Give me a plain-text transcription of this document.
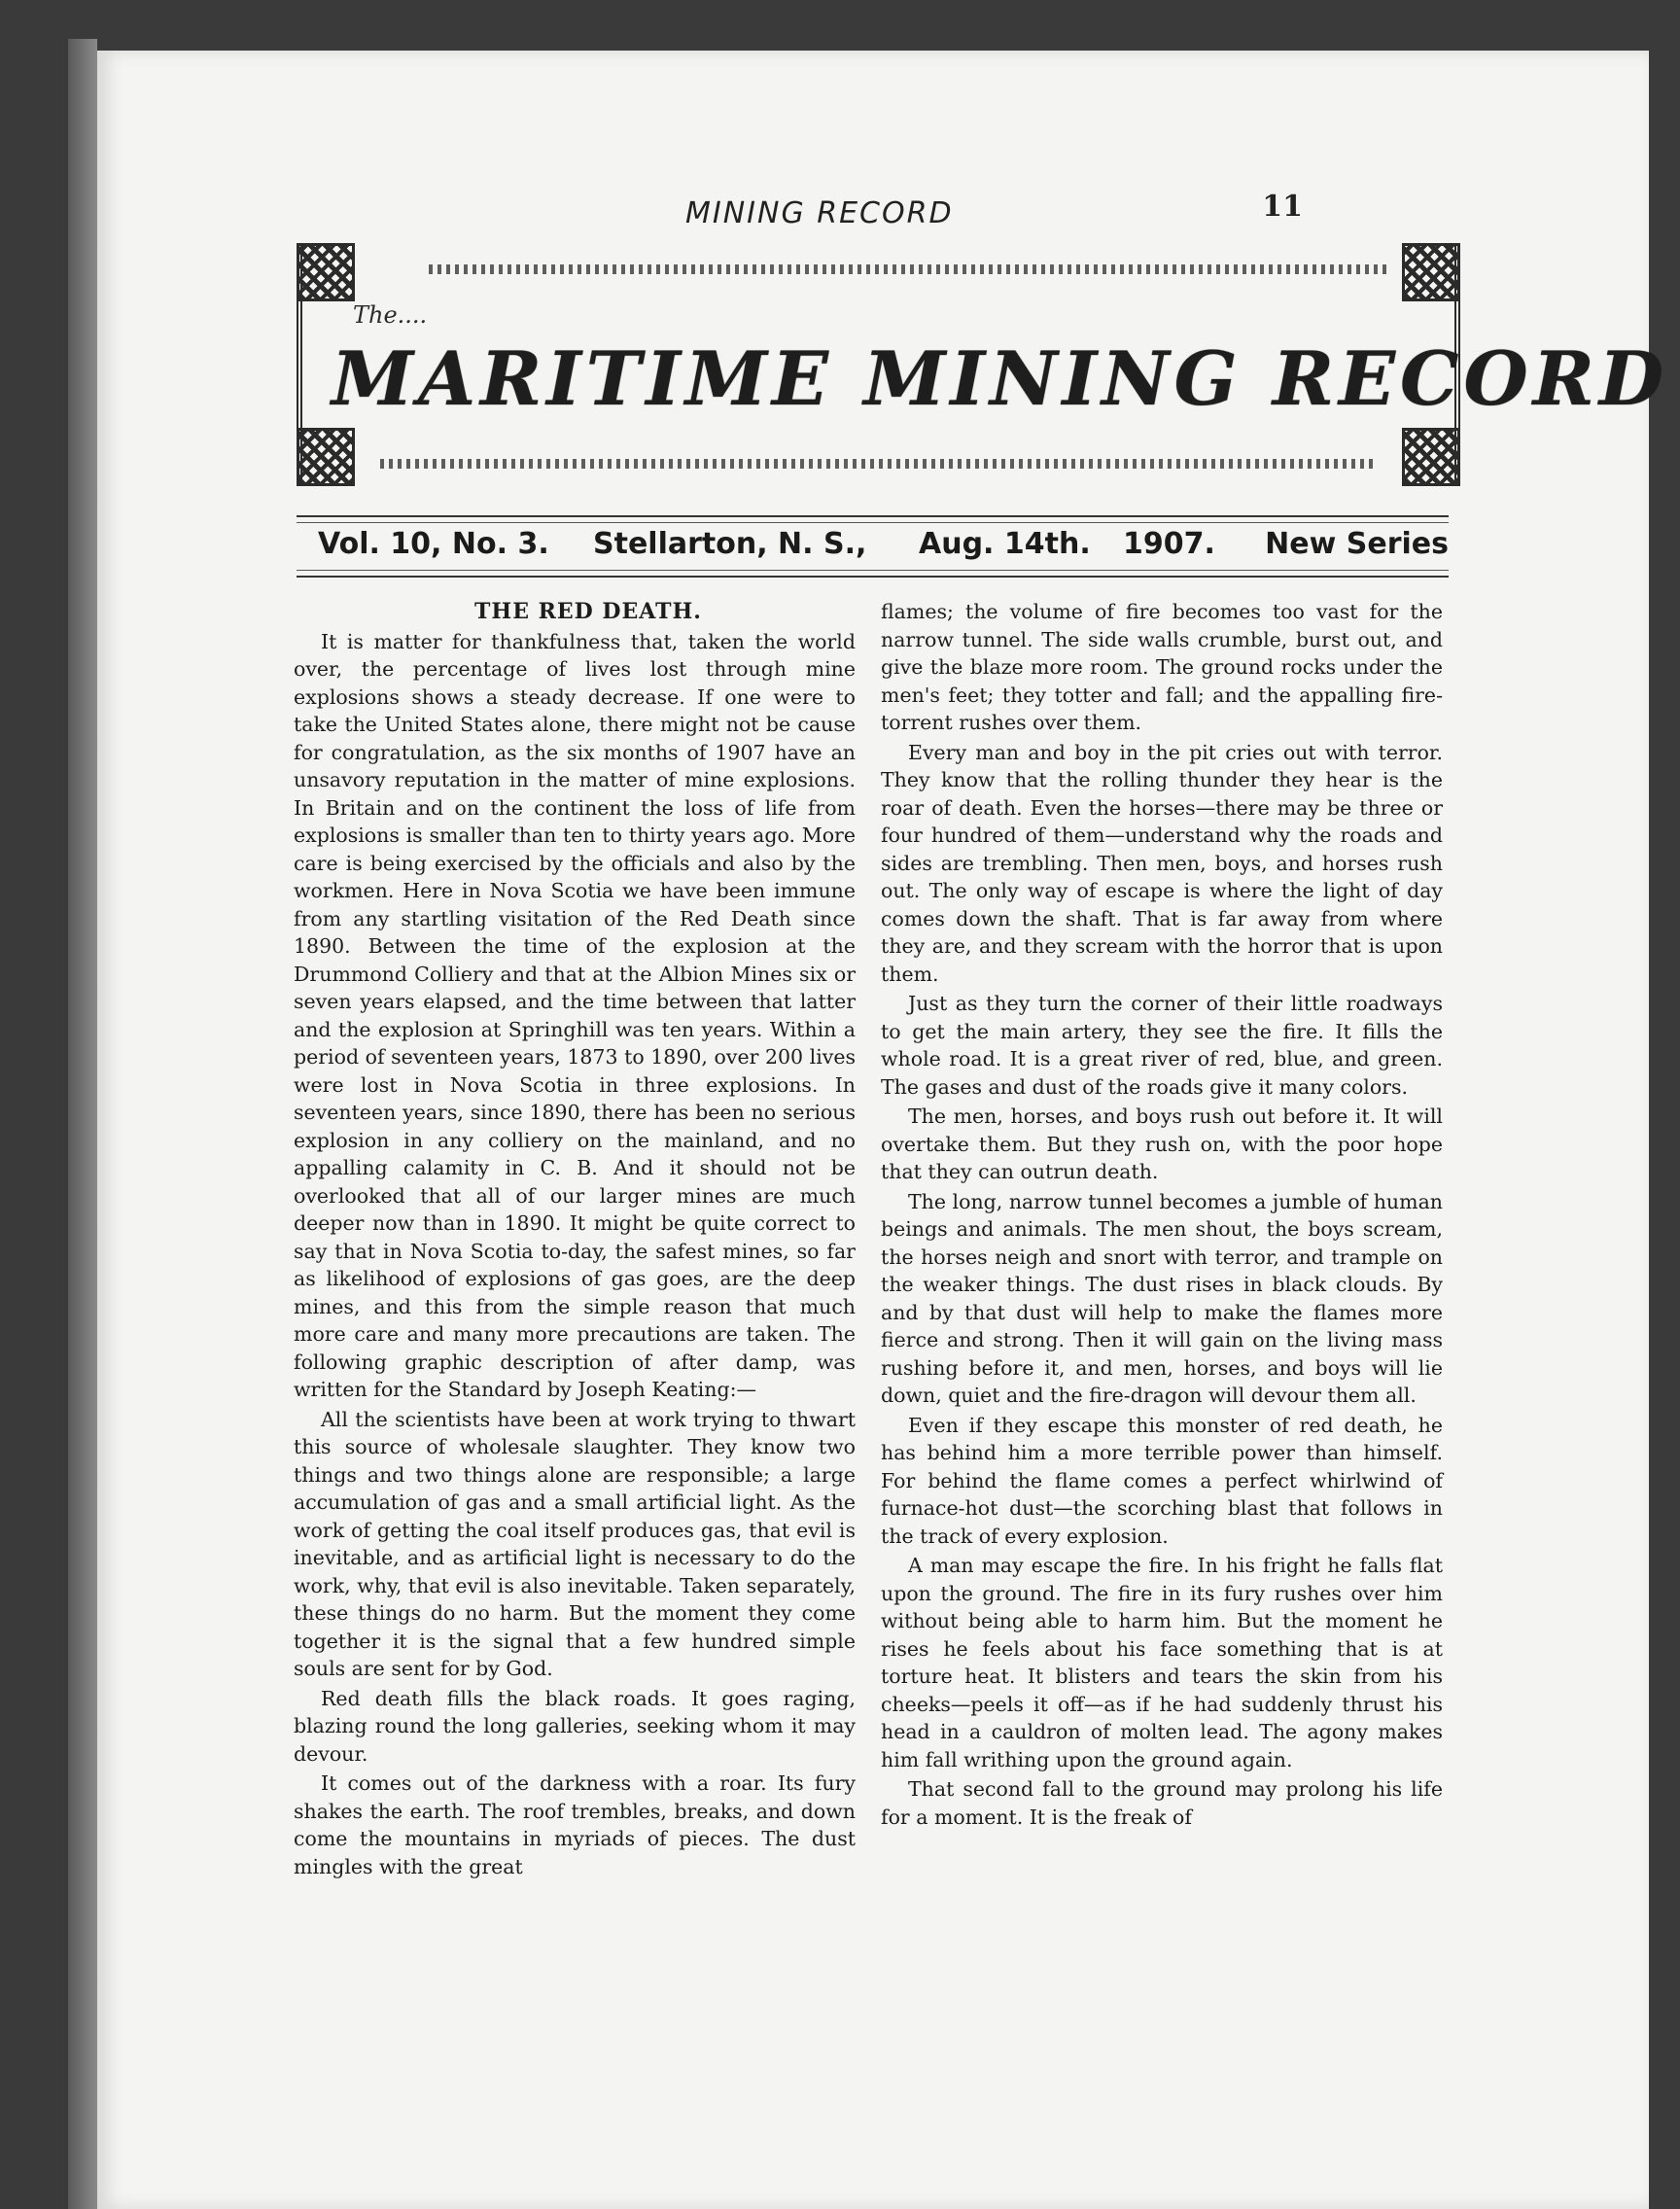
MINING RECORD	11
The....
MARITIME MINING RECORD
Vol. 10, No. 3. Stellarton, N. S., Aug. 14th. 1907. New Series

THE RED DEATH.

It is matter for thankfulness that, taken the world over, the percentage of lives lost through mine explosions shows a steady decrease. If one were to take the United States alone, there might not be cause for congratulation, as the six months of 1907 have an unsavory reputation in the matter of mine explosions. In Britain and on the continent the loss of life from explosions is smaller than ten to thirty years ago. More care is being exercised by the officials and also by the workmen. Here in Nova Scotia we have been immune from any startling visitation of the Red Death since 1890. Between the time of the explosion at the Drummond Colliery and that at the Albion Mines six or seven years elapsed, and the time between that latter and the explosion at Springhill was ten years. Within a period of seventeen years, 1873 to 1890, over 200 lives were lost in Nova Scotia in three explosions. In seventeen years, since 1890, there has been no serious explosion in any colliery on the mainland, and no appalling calamity in C. B. And it should not be overlooked that all of our larger mines are much deeper now than in 1890. It might be quite correct to say that in Nova Scotia to-day, the safest mines, so far as likelihood of explosions of gas goes, are the deep mines, and this from the simple reason that much more care and many more precautions are taken. The following graphic description of after damp, was written for the Standard by Joseph Keating:—

All the scientists have been at work trying to thwart this source of wholesale slaughter. They know two things and two things alone are responsible; a large accumulation of gas and a small artificial light. As the work of getting the coal itself produces gas, that evil is inevitable, and as artificial light is necessary to do the work, why, that evil is also inevitable. Taken separately, these things do no harm. But the moment they come together it is the signal that a few hundred simple souls are sent for by God.

Red death fills the black roads. It goes raging, blazing round the long galleries, seeking whom it may devour.

It comes out of the darkness with a roar. Its fury shakes the earth. The roof trembles, breaks, and down come the mountains in myriads of pieces. The dust mingles with the great

flames; the volume of fire becomes too vast for the narrow tunnel. The side walls crumble, burst out, and give the blaze more room. The ground rocks under the men's feet; they totter and fall; and the appalling fire-torrent rushes over them.

Every man and boy in the pit cries out with terror. They know that the rolling thunder they hear is the roar of death. Even the horses—there may be three or four hundred of them—understand why the roads and sides are trembling. Then men, boys, and horses rush out. The only way of escape is where the light of day comes down the shaft. That is far away from where they are, and they scream with the horror that is upon them.

Just as they turn the corner of their little roadways to get the main artery, they see the fire. It fills the whole road. It is a great river of red, blue, and green. The gases and dust of the roads give it many colors.

The men, horses, and boys rush out before it. It will overtake them. But they rush on, with the poor hope that they can outrun death.

The long, narrow tunnel becomes a jumble of human beings and animals. The men shout, the boys scream, the horses neigh and snort with terror, and trample on the weaker things. The dust rises in black clouds. By and by that dust will help to make the flames more fierce and strong. Then it will gain on the living mass rushing before it, and men, horses, and boys will lie down, quiet and the fire-dragon will devour them all.

Even if they escape this monster of red death, he has behind him a more terrible power than himself. For behind the flame comes a perfect whirlwind of furnace-hot dust—the scorching blast that follows in the track of every explosion.

A man may escape the fire. In his fright he falls flat upon the ground. The fire in its fury rushes over him without being able to harm him. But the moment he rises he feels about his face something that is at torture heat. It blisters and tears the skin from his cheeks—peels it off—as if he had suddenly thrust his head in a cauldron of molten lead. The agony makes him fall writhing upon the ground again.

That second fall to the ground may prolong his life for a moment. It is the freak of
